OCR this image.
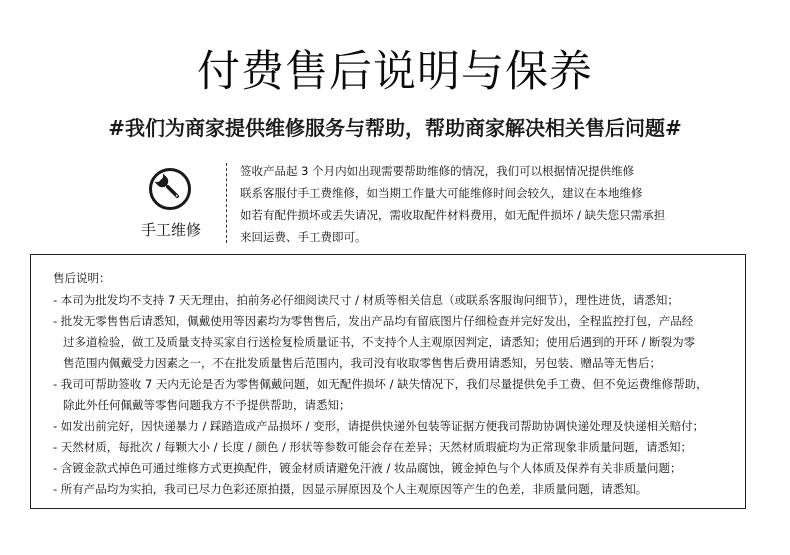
付费售后说明与保养
#我们为商家提供维修服务与帮助，帮助商家解决相关售后问题#
手工维修
签收产品起 3 个月内如出现需要帮助维修的情况，我们可以根据情况提供维修
联系客服付手工费维修，如当期工作量大可能维修时间会较久，建议在本地维修
如若有配件损坏或丢失请况，需收取配件材料费用，如无配件损坏 / 缺失您只需承担
来回运费、手工费即可。
售后说明：
- 本司为批发均不支持 7 天无理由，拍前务必仔细阅读尺寸 / 材质等相关信息（或联系客服询问细节），理性进货，请悉知；
- 批发无零售售后请悉知，佩戴使用等因素均为零售售后，发出产品均有留底图片仔细检查并完好发出，全程监控打包，产品经
过多道检验，做工及质量支持买家自行送检复检质量证书，不支持个人主观原因判定，请悉知；使用后遇到的开环 / 断裂为零
售范围内佩戴受力因素之一，不在批发质量售后范围内，我司没有收取零售售后费用请悉知，另包装、赠品等无售后；
- 我司可帮助签收 7 天内无论是否为零售佩戴问题，如无配件损坏 / 缺失情况下，我们尽量提供免手工费、但不免运费维修帮助，
除此外任何佩戴等零售问题我方不予提供帮助，请悉知；
- 如发出前完好，因快递暴力 / 踩踏造成产品损坏 / 变形，请提供快递外包装等证据方便我司帮助协调快递处理及快递相关赔付；
- 天然材质，每批次 / 每颗大小 / 长度 / 颜色 / 形状等参数可能会存在差异；天然材质瑕疵均为正常现象非质量问题，请悉知；
- 含镀金款式掉色可通过维修方式更换配件，镀金材质请避免汗液 / 妆品腐蚀，镀金掉色与个人体质及保养有关非质量问题；
- 所有产品均为实拍，我司已尽力色彩还原拍摄，因显示屏原因及个人主观原因等产生的色差，非质量问题，请悉知。
